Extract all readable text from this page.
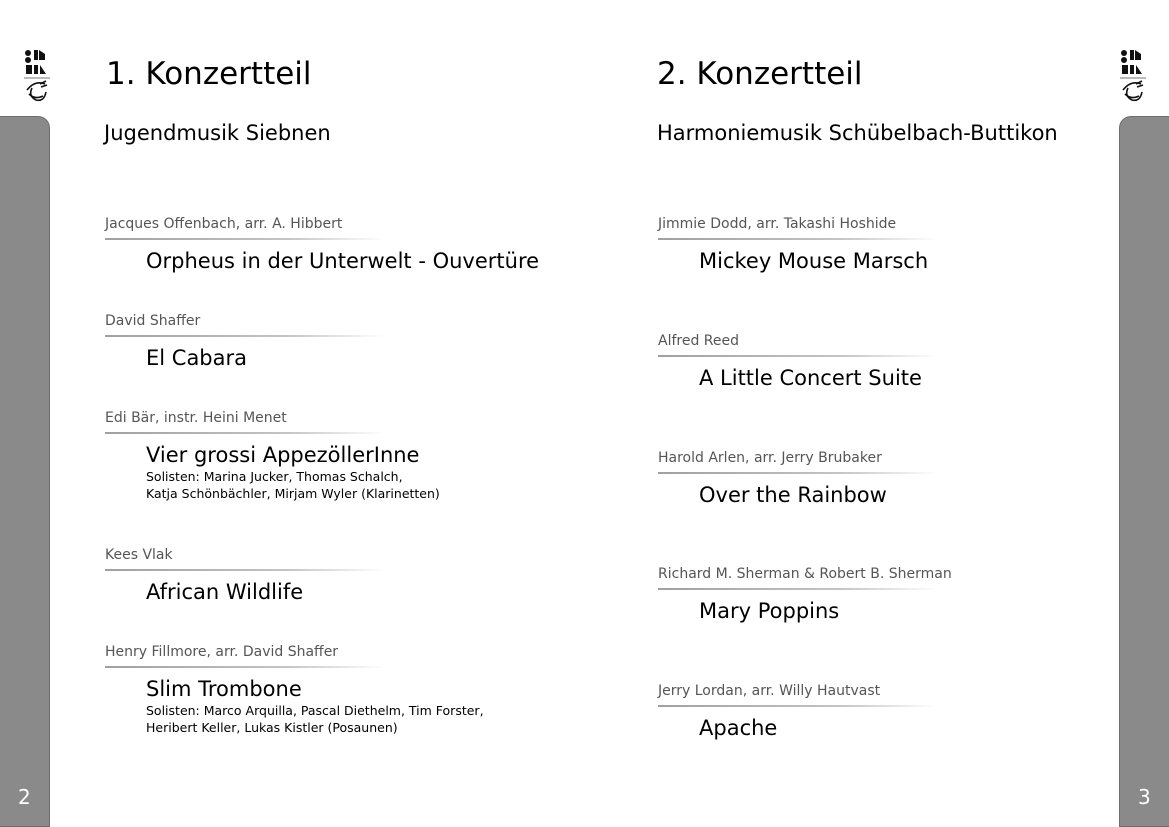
2	3
1. Konzertteil
Jugendmusik Siebnen
Jacques Offenbach, arr. A. Hibbert
Orpheus in der Unterwelt - Ouvertüre
David Shaffer
El Cabara
Edi Bär, instr. Heini Menet
Vier grossi AppezöllerInne
Solisten: Marina Jucker, Thomas Schalch,
Katja Schönbächler, Mirjam Wyler (Klarinetten)
Kees Vlak
African Wildlife
Henry Fillmore, arr. David Shaffer
Slim Trombone
Solisten: Marco Arquilla, Pascal Diethelm, Tim Forster,
Heribert Keller, Lukas Kistler (Posaunen)
2. Konzertteil
Harmoniemusik Schübelbach-Buttikon
Jimmie Dodd, arr. Takashi Hoshide
Mickey Mouse Marsch
Alfred Reed
A Little Concert Suite
Harold Arlen, arr. Jerry Brubaker
Over the Rainbow
Richard M. Sherman & Robert B. Sherman
Mary Poppins
Jerry Lordan, arr. Willy Hautvast
Apache
